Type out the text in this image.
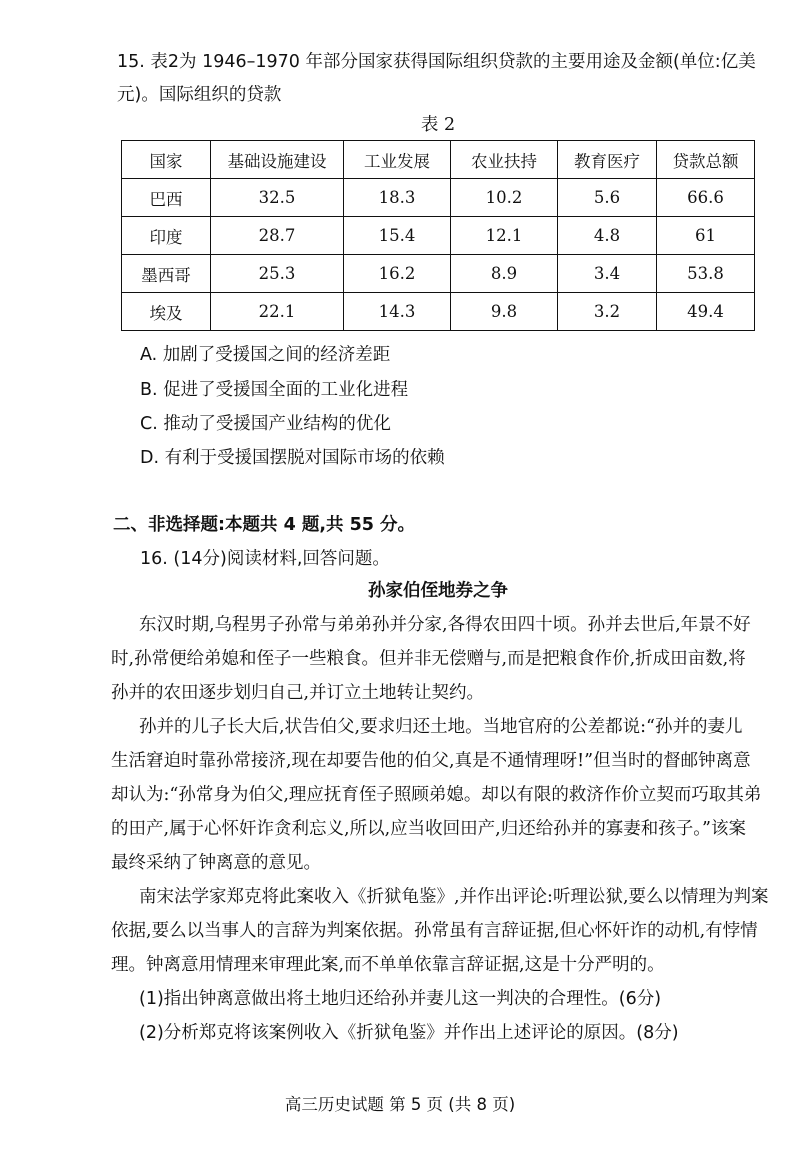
15. 表2为 1946–1970 年部分国家获得国际组织贷款的主要用途及金额(单位:亿美
元)。国际组织的贷款
表 2
国家	基础设施建设	工业发展	农业扶持	教育医疗	贷款总额
巴西	32.5	18.3	10.2	5.6	66.6
印度	28.7	15.4	12.1	4.8	61
墨西哥	25.3	16.2	8.9	3.4	53.8
埃及	22.1	14.3	9.8	3.2	49.4
A. 加剧了受援国之间的经济差距
B. 促进了受援国全面的工业化进程
C. 推动了受援国产业结构的优化
D. 有利于受援国摆脱对国际市场的依赖
二、非选择题:本题共 4 题,共 55 分。
16. (14分)阅读材料,回答问题。
孙家伯侄地券之争
东汉时期,乌程男子孙常与弟弟孙并分家,各得农田四十顷。孙并去世后,年景不好
时,孙常便给弟媳和侄子一些粮食。但并非无偿赠与,而是把粮食作价,折成田亩数,将
孙并的农田逐步划归自己,并订立土地转让契约。
孙并的儿子长大后,状告伯父,要求归还土地。当地官府的公差都说:“孙并的妻儿
生活窘迫时靠孙常接济,现在却要告他的伯父,真是不通情理呀!”但当时的督邮钟离意
却认为:“孙常身为伯父,理应抚育侄子照顾弟媳。却以有限的救济作价立契而巧取其弟
的田产,属于心怀奸诈贪利忘义,所以,应当收回田产,归还给孙并的寡妻和孩子。”该案
最终采纳了钟离意的意见。
南宋法学家郑克将此案收入《折狱龟鉴》,并作出评论:听理讼狱,要么以情理为判案
依据,要么以当事人的言辞为判案依据。孙常虽有言辞证据,但心怀奸诈的动机,有悖情
理。钟离意用情理来审理此案,而不单单依靠言辞证据,这是十分严明的。
(1)指出钟离意做出将土地归还给孙并妻儿这一判决的合理性。(6分)
(2)分析郑克将该案例收入《折狱龟鉴》并作出上述评论的原因。(8分)
高三历史试题 第 5 页 (共 8 页)
